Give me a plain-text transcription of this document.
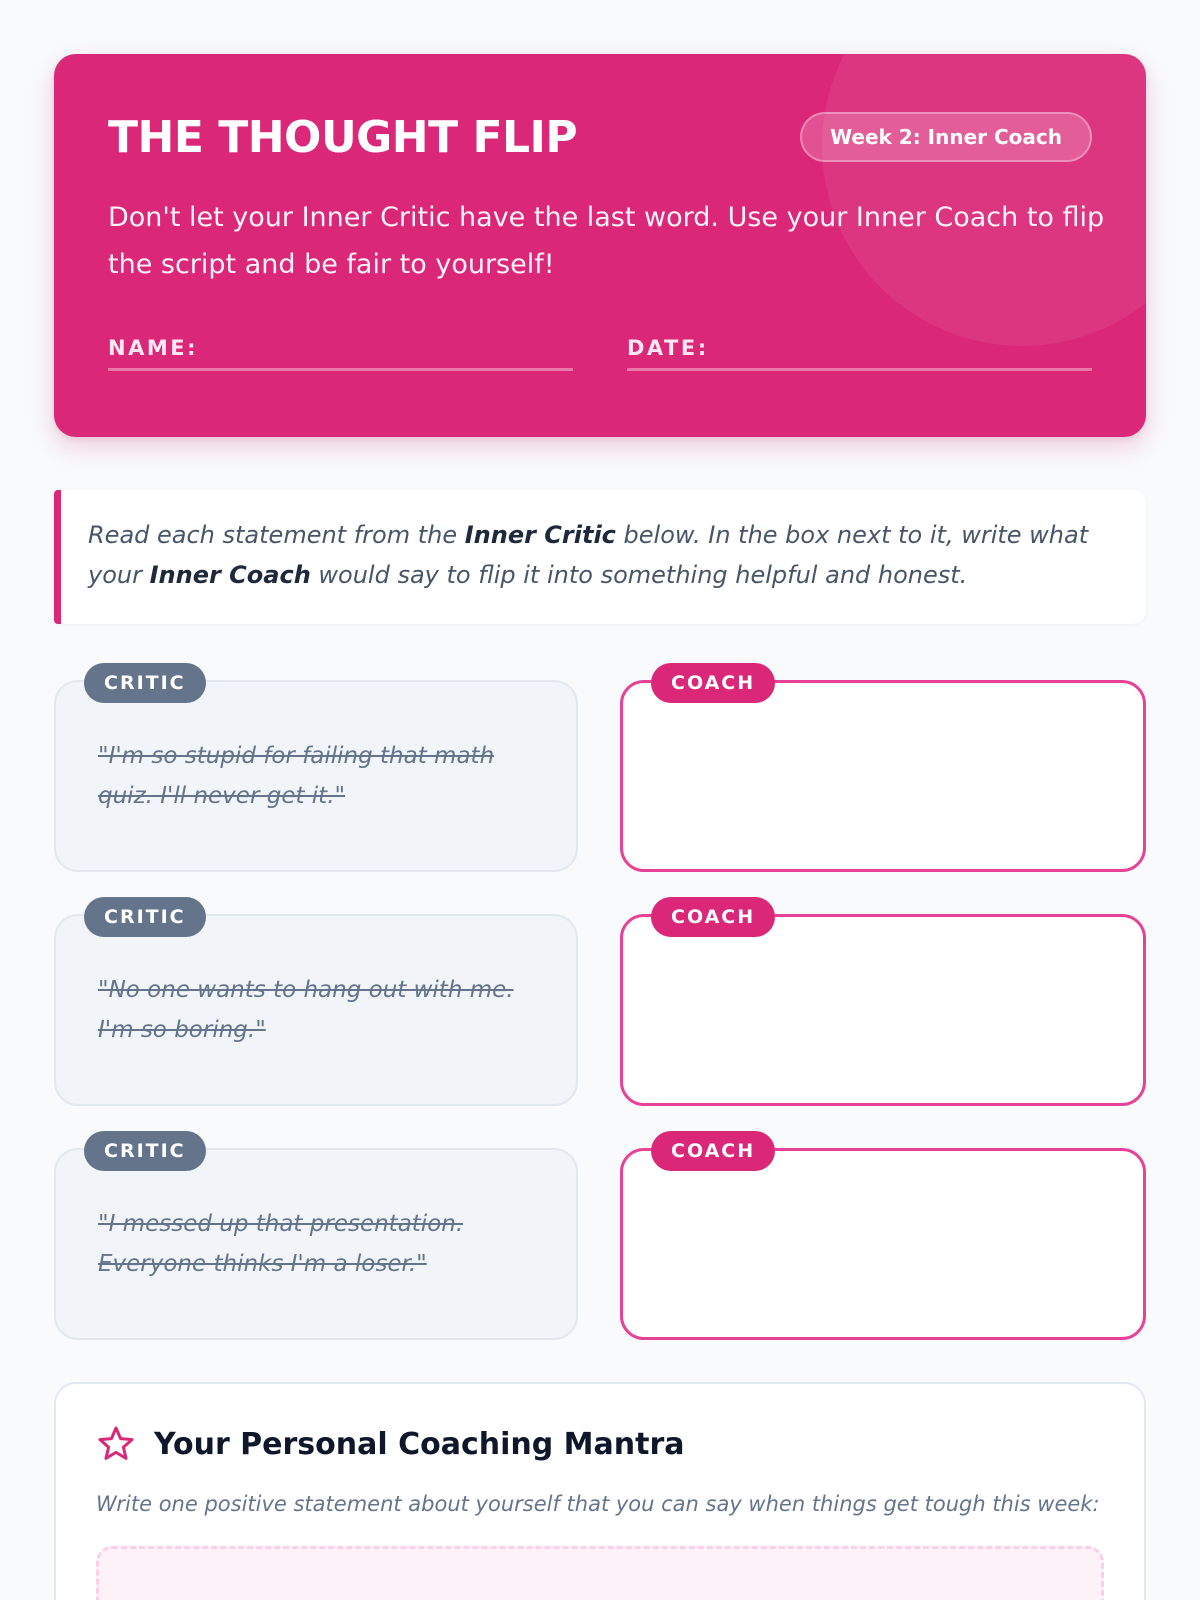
THE THOUGHT FLIP	Week 2: Inner Coach

Don't let your Inner Critic have the last word. Use your Inner Coach to flip the script and be fair to yourself!

NAME:	DATE:
Read each statement from the Inner Critic below. In the box next to it, write what your Inner Coach would say to flip it into something helpful and honest.
CRITIC

"I'm so stupid for failing that math quiz. I'll never get it."

COACH
CRITIC

"No one wants to hang out with me. I'm so boring."

COACH
CRITIC

"I messed up that presentation. Everyone thinks I'm a loser."

COACH
Your Personal Coaching Mantra

Write one positive statement about yourself that you can say when things get tough this week:
